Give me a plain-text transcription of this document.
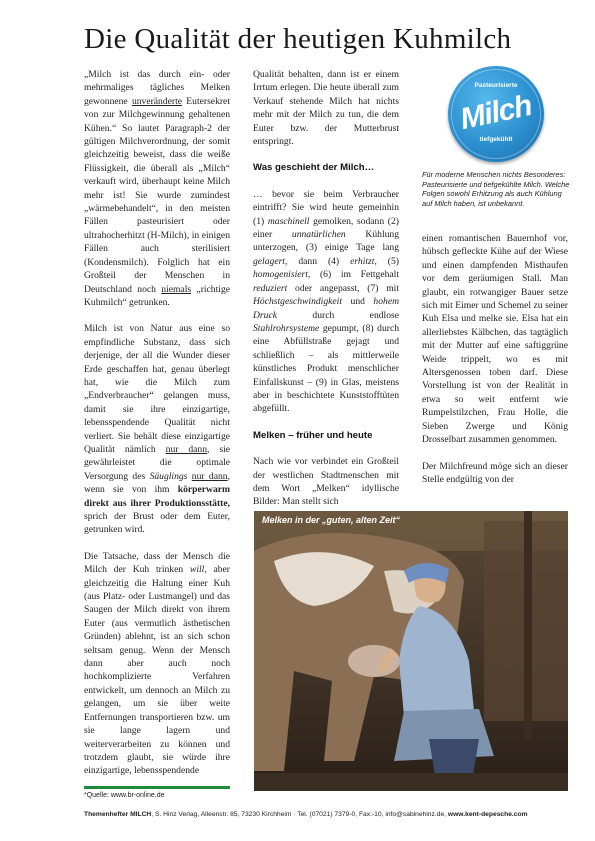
Die Qualität der heutigen Kuhmilch

„Milch ist das durch ein- oder mehrmaliges tägliches Melken gewonnene unveränderte Eutersekret von zur Milchgewinnung gehaltenen Kühen.“ So lautet Paragraph-2 der gültigen Milchverordnung, der somit gleichzeitig beweist, dass die weiße Flüssigkeit, die überall als „Milch“ verkauft wird, überhaupt keine Milch mehr ist! Sie wurde zumindest „wärmebehandelt“, in den meisten Fällen pasteurisiert oder ultrahocherhitzt (H-Milch), in einigen Fällen auch sterilisiert (Kondensmilch). Folglich hat ein Großteil der Menschen in Deutschland noch niemals „richtige Kuhmilch“ getrunken.

Milch ist von Natur aus eine so empfindliche Substanz, dass sich derjenige, der all die Wunder dieser Erde geschaffen hat, genau überlegt hat, wie die Milch zum „Endverbraucher“ gelangen muss, damit sie ihre einzigartige, lebensspendende Qualität nicht verliert. Sie behält diese einzigartige Qualität nämlich nur dann, sie gewährleistet die optimale Versorgung des Säuglings nur dann, wenn sie von ihm körperwarm direkt aus ihrer Produktionsstätte, sprich der Brust oder dem Euter, getrunken wird.

Die Tatsache, dass der Mensch die Milch der Kuh trinken will, aber gleichzeitig die Haltung einer Kuh (aus Platz- oder Lustmangel) und das Saugen der Milch direkt von ihrem Euter (aus vermutlich ästhetischen Gründen) ablehnt, ist an sich schon seltsam genug. Wenn der Mensch dann aber auch noch hochkomplizierte Verfahren entwickelt, um dennoch an Milch zu gelangen, um sie über weite Entfernungen transportieren bzw. um sie lange lagern und weiterverarbeiten zu können und trotzdem glaubt, sie würde ihre einzigartige, lebensspendende

Qualität behalten, dann ist er einem Irrtum erlegen. Die heute überall zum Verkauf stehende Milch hat nichts mehr mit der Milch zu tun, die dem Euter bzw. der Mutterbrust entspringt.

Was geschieht der Milch…

… bevor sie beim Verbraucher eintrifft? Sie wird heute gemeinhin (1) maschinell gemolken, sodann (2) einer unnatürlichen Kühlung unterzogen, (3) einige Tage lang gelagert, dann (4) erhitzt, (5) homogenisiert, (6) im Fettgehalt reduziert oder angepasst, (7) mit Höchstgeschwindigkeit und hohem Druck durch endlose Stahlrohrsysteme gepumpt, (8) durch eine Abfüllstraße gejagt und schließlich – als mittlerweile künstliches Produkt menschlicher Einfallskunst – (9) in Glas, meistens aber in beschichtete Kunststofftüten abgefüllt.

Melken – früher und heute

Nach wie vor verbindet ein Großteil der westlichen Stadtmenschen mit dem Wort „Melken“ idyllische Bilder: Man stellt sich

Pasteurisierte
Milch
tiefgekühlt
Für moderne Menschen nichts Besonderes: Pasteurisierte und tiefgekühlte Milch. Welche Folgen sowohl Erhitzung als auch Kühlung auf Milch haben, ist unbekannt.

einen romantischen Bauernhof vor, hübsch gefleckte Kühe auf der Wiese und einen dampfenden Misthaufen vor dem geräumigen Stall. Man glaubt, ein rotwangiger Bauer setze sich mit Eimer und Schemel zu seiner Kuh Elsa und melke sie. Elsa hat ein allerliebstes Kälbchen, das tagtäglich mit der Mutter auf eine saftiggrüne Weide trippelt, wo es mit Altersgenossen toben darf. Diese Vorstellung ist von der Realität in etwa so weit entfernt wie Rumpelstilzchen, Frau Holle, die Sieben Zwerge und König Drosselbart zusammen genommen.

Der Milchfreund möge sich an dieser Stelle endgültig von der

Melken in der „guten, alten Zeit“
*Quelle: www.br-online.de
Themenhefter MILCH, S. Hinz Verlag, Alleenstr. 85, 73230 Kirchheim · Tel. (07021) 7379-0, Fax:-10, info@sabinehinz.de, www.kent-depesche.com
